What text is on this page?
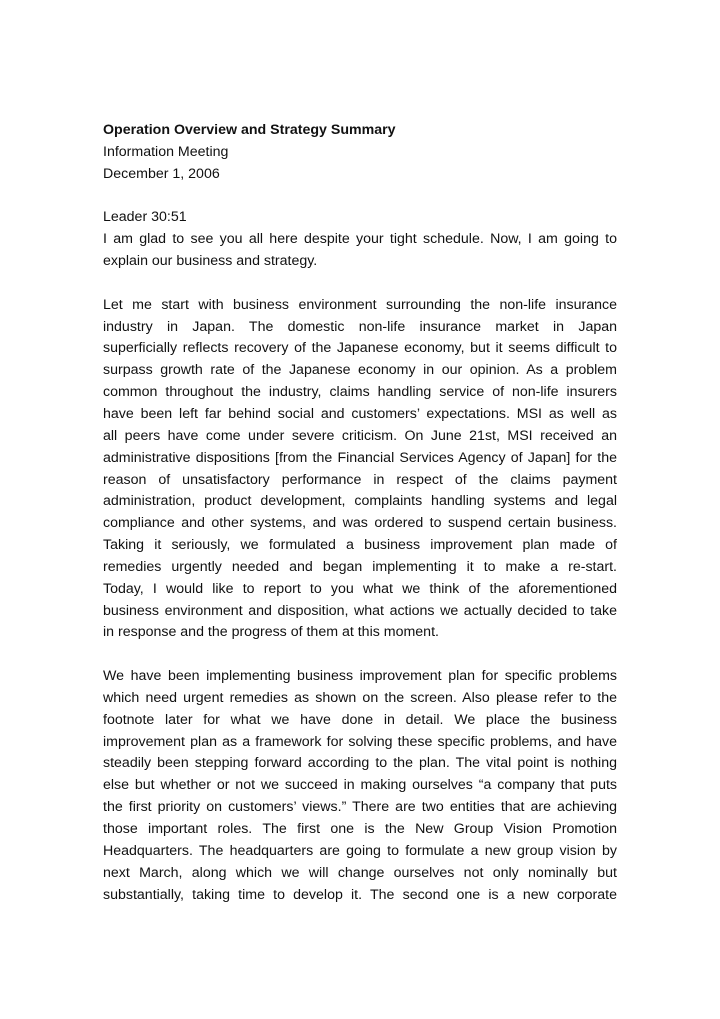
Operation Overview and Strategy Summary
Information Meeting
December 1, 2006
Leader 30:51
I am glad to see you all here despite your tight schedule. Now, I am going to
explain our business and strategy.
Let me start with business environment surrounding the non-life insurance
industry in Japan. The domestic non-life insurance market in Japan
superficially reflects recovery of the Japanese economy, but it seems difficult to
surpass growth rate of the Japanese economy in our opinion. As a problem
common throughout the industry, claims handling service of non-life insurers
have been left far behind social and customers’ expectations. MSI as well as
all peers have come under severe criticism. On June 21st, MSI received an
administrative dispositions [from the Financial Services Agency of Japan] for the
reason of unsatisfactory performance in respect of the claims payment
administration, product development, complaints handling systems and legal
compliance and other systems, and was ordered to suspend certain business.
Taking it seriously, we formulated a business improvement plan made of
remedies urgently needed and began implementing it to make a re-start.
Today, I would like to report to you what we think of the aforementioned
business environment and disposition, what actions we actually decided to take
in response and the progress of them at this moment.
We have been implementing business improvement plan for specific problems
which need urgent remedies as shown on the screen. Also please refer to the
footnote later for what we have done in detail. We place the business
improvement plan as a framework for solving these specific problems, and have
steadily been stepping forward according to the plan. The vital point is nothing
else but whether or not we succeed in making ourselves “a company that puts
the first priority on customers’ views.” There are two entities that are achieving
those important roles. The first one is the New Group Vision Promotion
Headquarters. The headquarters are going to formulate a new group vision by
next March, along which we will change ourselves not only nominally but
substantially, taking time to develop it. The second one is a new corporate
